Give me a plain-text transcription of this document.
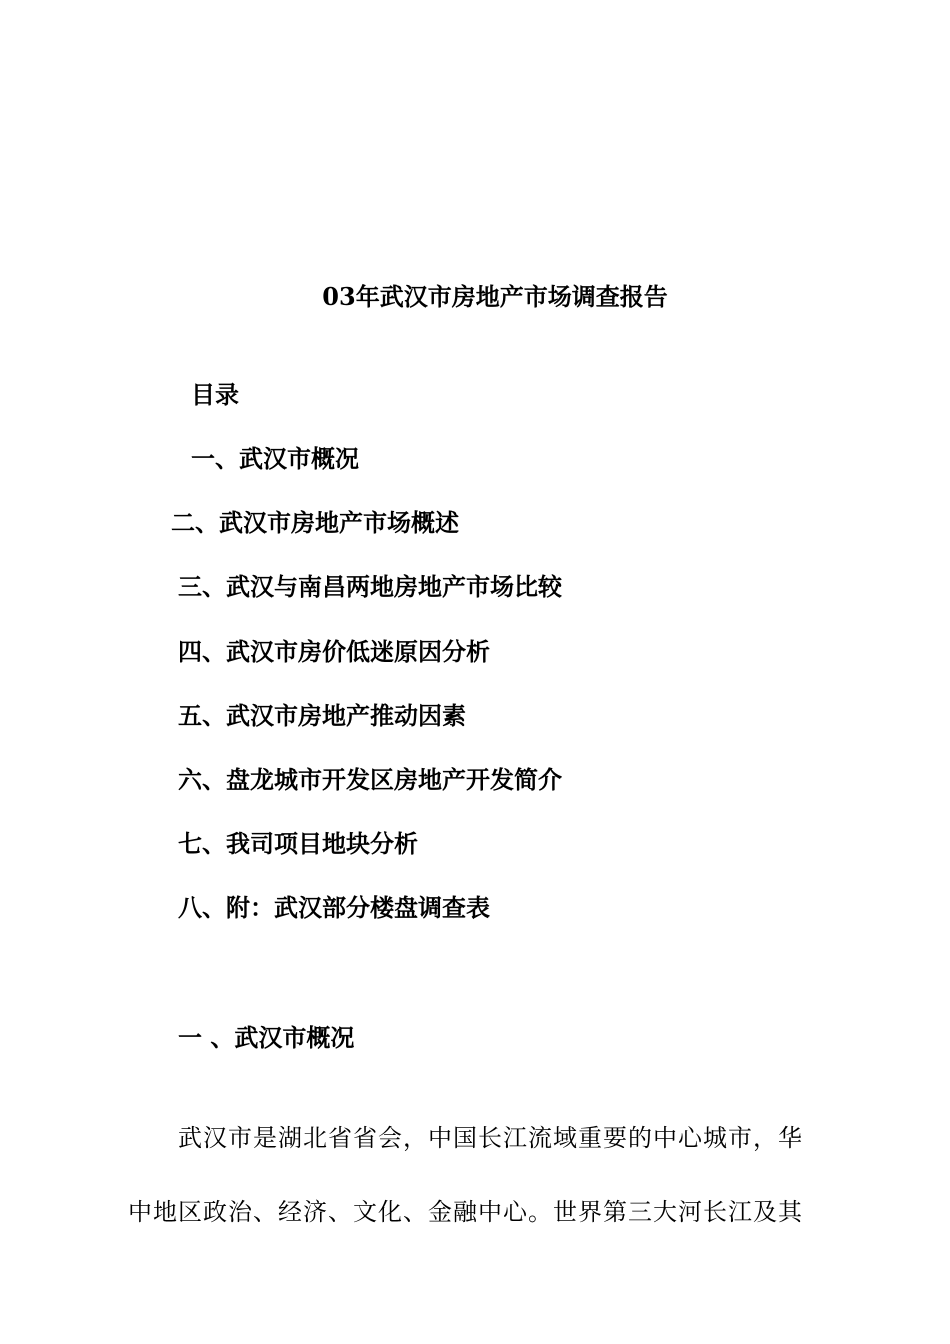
03年武汉市房地产市场调查报告
目录
一、武汉市概况
二、武汉市房地产市场概述
三、武汉与南昌两地房地产市场比较
四、武汉市房价低迷原因分析
五、武汉市房地产推动因素
六、盘龙城市开发区房地产开发简介
七、我司项目地块分析
八、附：武汉部分楼盘调查表
一 、武汉市概况
武汉市是湖北省省会，中国长江流域重要的中心城市，华
中地区政治、经济、文化、金融中心。世界第三大河长江及其
